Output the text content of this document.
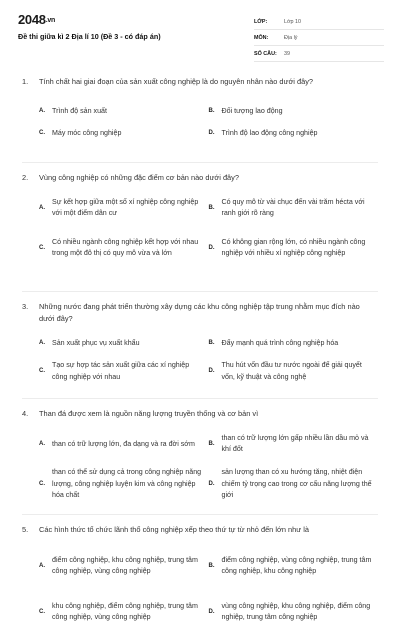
2048.vn
Đề thi giữa kì 2 Địa lí 10 (Đề 3 - có đáp án)
LỚP:	Lớp 10
MÔN:	Địa lý
SỐ CÂU:	39
1.	Tính chất hai giai đoạn của sản xuất công nghiệp là do nguyên nhân nào dưới đây?
A. Trình độ sản xuất	B. Đối tượng lao động
C. Máy móc công nghiệp	D. Trình độ lao động công nghiệp
2.	Vùng công nghiệp có những đặc điểm cơ bản nào dưới đây?
A.
Sự kết hợp giữa một số xí nghiệp công nghiệp với một điểm dân cư
B.
Có quy mô từ vài chục đến vài trăm hécta với ranh giới rõ ràng
C.
Có nhiều ngành công nghiệp kết hợp với nhau trong một đô thị có quy mô vừa và lớn
D.
Có không gian rộng lớn, có nhiều ngành công nghiệp với nhiều xí nghiệp công nghiệp
3.	Những nước đang phát triển thường xây dựng các khu công nghiệp tập trung nhằm mục đích nào dưới đây?
A. Sản xuất phục vụ xuất khẩu	B. Đẩy mạnh quá trình công nghiệp hóa
C.
Tạo sự hợp tác sản xuất giữa các xí nghiệp công nghiệp với nhau
D.
Thu hút vốn đầu tư nước ngoài để giải quyết vốn, kỹ thuật và công nghệ
4.	Than đá được xem là nguồn năng lượng truyền thống và cơ bản vì
A. than có trữ lượng lớn, đa dạng và ra đời sớm	B.
than có trữ lượng lớn gấp nhiều lần dầu mỏ và khí đốt
C.
than có thể sử dụng cả trong công nghiệp năng lượng, công nghiệp luyện kim và công nghiệp hóa chất
D.
sản lượng than có xu hướng tăng, nhiệt điện chiếm tỷ trọng cao trong cơ cấu năng lượng thế giới
5.	Các hình thức tổ chức lãnh thổ công nghiệp xếp theo thứ tự từ nhỏ đến lớn như là
A.
điểm công nghiệp, khu công nghiệp, trung tâm công nghiệp, vùng công nghiệp
B.
điểm công nghiệp, vùng công nghiệp, trung tâm công nghiệp, khu công nghiệp
C.
khu công nghiệp, điểm công nghiệp, trung tâm công nghiệp, vùng công nghiệp
D.
vùng công nghiệp, khu công nghiệp, điểm công nghiệp, trung tâm công nghiệp
